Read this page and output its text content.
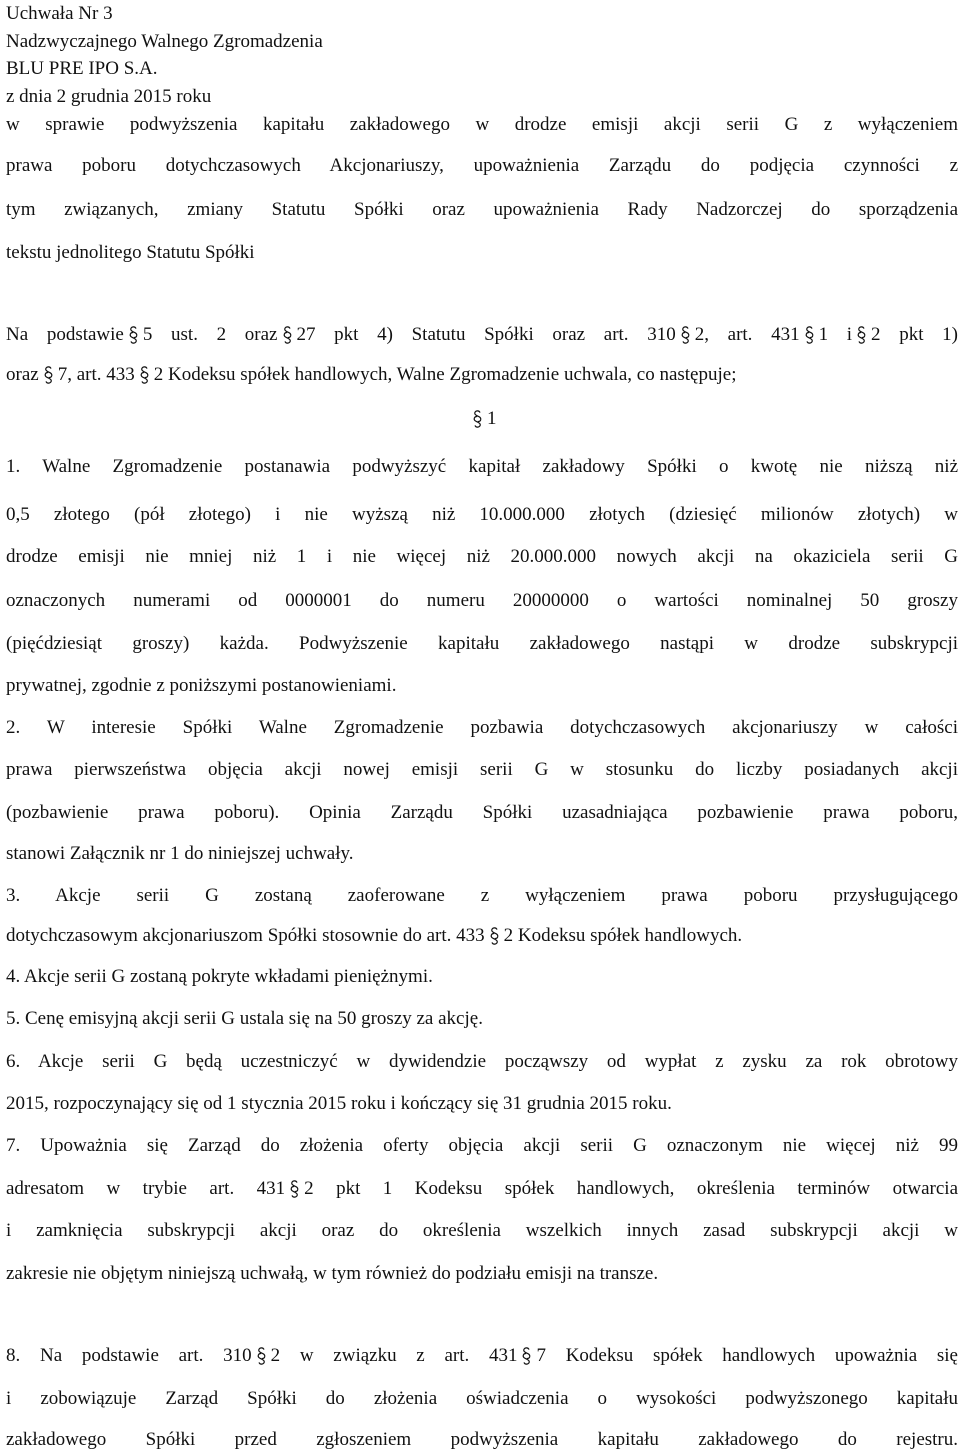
Uchwała Nr 3
Nadzwyczajnego Walnego Zgromadzenia
BLU PRE IPO S.A.
z dnia 2 grudnia 2015 roku
w sprawie podwyższenia kapitału zakładowego w drodze emisji akcji serii G z wyłączeniem
prawa poboru dotychczasowych Akcjonariuszy, upoważnienia Zarządu do podjęcia czynności z
tym związanych, zmiany Statutu Spółki oraz upoważnienia Rady Nadzorczej do sporządzenia
tekstu jednolitego Statutu Spółki
Na podstawie 5 ust. 2 oraz 27 pkt 4) Statutu Spółki oraz art. 310 2, art. 431 1 i 2 pkt 1)
oraz 7, art. 433 2 Kodeksu spółek handlowych, Walne Zgromadzenie uchwala, co następuje;
1
1. Walne Zgromadzenie postanawia podwyższyć kapitał zakładowy Spółki o kwotę nie niższą niż
0,5 złotego (pół złotego) i nie wyższą niż 10.000.000 złotych (dziesięć milionów złotych) w
drodze emisji nie mniej niż 1 i nie więcej niż 20.000.000 nowych akcji na okaziciela serii G
oznaczonych numerami od 0000001 do numeru 20000000 o wartości nominalnej 50 groszy
(pięćdziesiąt groszy) każda. Podwyższenie kapitału zakładowego nastąpi w drodze subskrypcji
prywatnej, zgodnie z poniższymi postanowieniami.
2. W interesie Spółki Walne Zgromadzenie pozbawia dotychczasowych akcjonariuszy w całości
prawa pierwszeństwa objęcia akcji nowej emisji serii G w stosunku do liczby posiadanych akcji
(pozbawienie prawa poboru). Opinia Zarządu Spółki uzasadniająca pozbawienie prawa poboru,
stanowi Załącznik nr 1 do niniejszej uchwały.
3. Akcje serii G zostaną zaoferowane z wyłączeniem prawa poboru przysługującego
dotychczasowym akcjonariuszom Spółki stosownie do art. 433 2 Kodeksu spółek handlowych.
4. Akcje serii G zostaną pokryte wkładami pieniężnymi.
5. Cenę emisyjną akcji serii G ustala się na 50 groszy za akcję.
6. Akcje serii G będą uczestniczyć w dywidendzie począwszy od wypłat z zysku za rok obrotowy
2015, rozpoczynający się od 1 stycznia 2015 roku i kończący się 31 grudnia 2015 roku.
7. Upoważnia się Zarząd do złożenia oferty objęcia akcji serii G oznaczonym nie więcej niż 99
adresatom w trybie art. 431 2 pkt 1 Kodeksu spółek handlowych, określenia terminów otwarcia
i zamknięcia subskrypcji akcji oraz do określenia wszelkich innych zasad subskrypcji akcji w
zakresie nie objętym niniejszą uchwałą, w tym również do podziału emisji na transze.
8. Na podstawie art. 310 2 w związku z art. 431 7 Kodeksu spółek handlowych upoważnia się
i zobowiązuje Zarząd Spółki do złożenia oświadczenia o wysokości podwyższonego kapitału
zakładowego Spółki przed zgłoszeniem podwyższenia kapitału zakładowego do rejestru.
